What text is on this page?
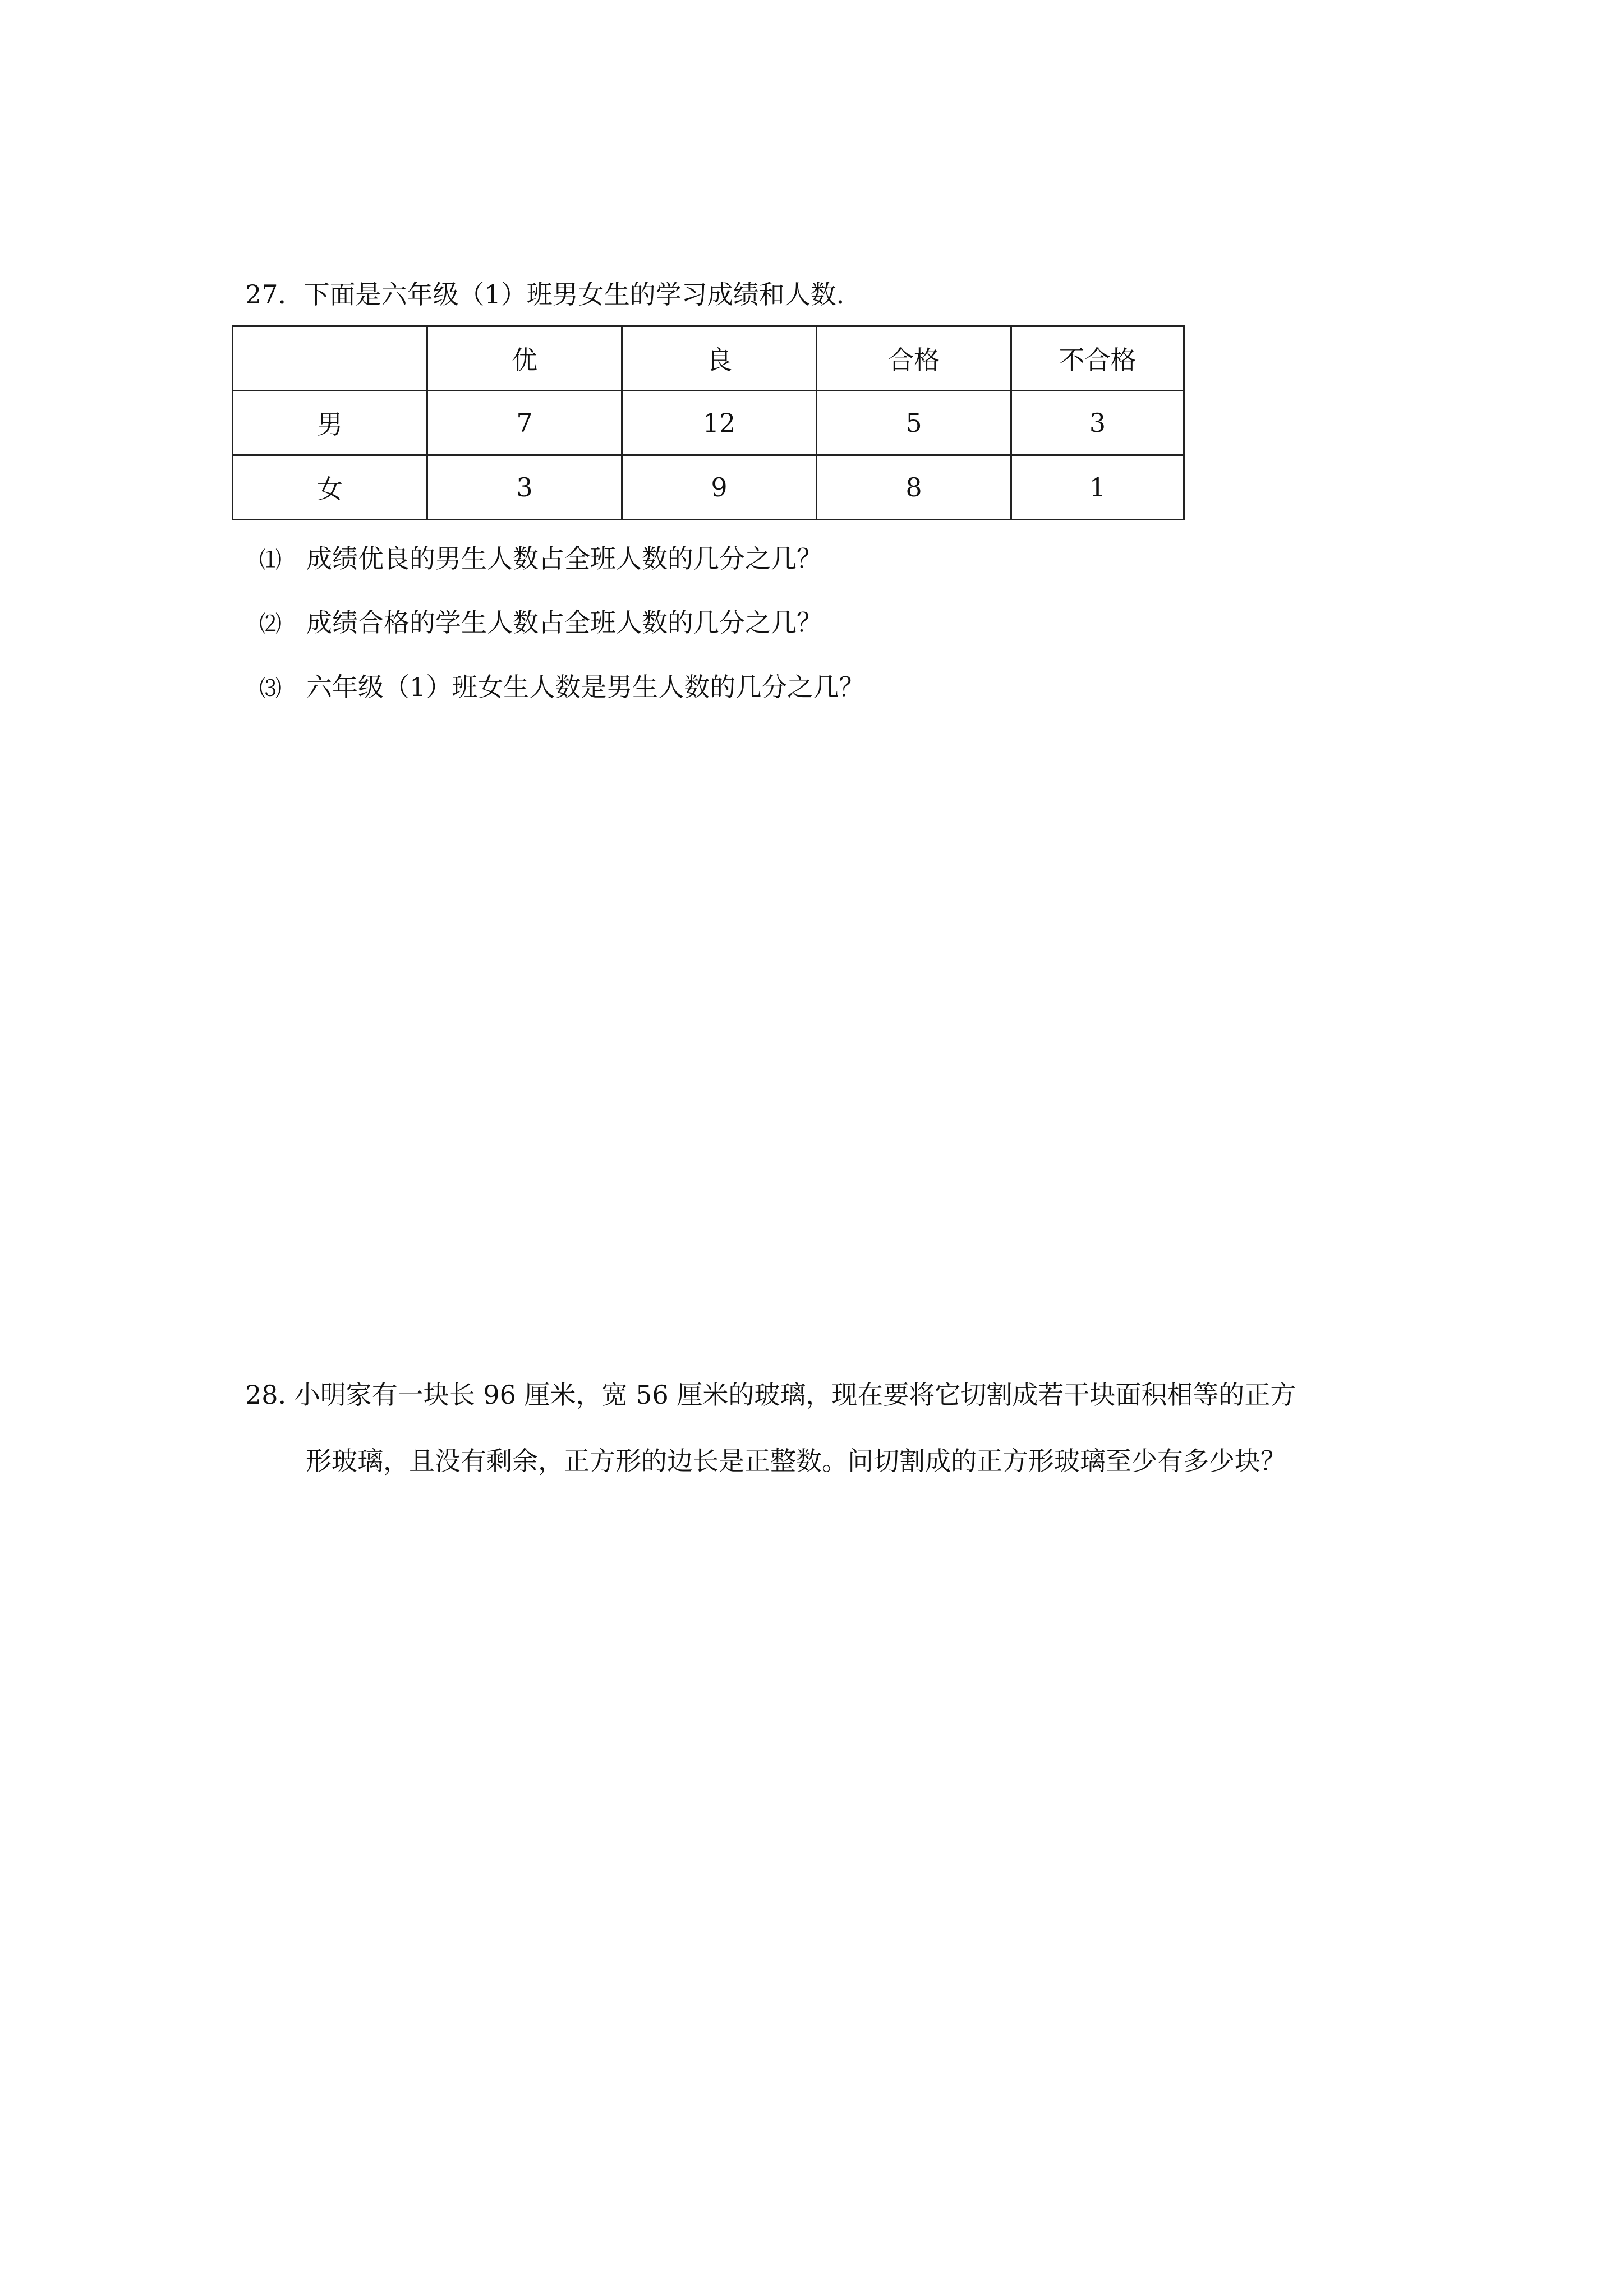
27．下面是六年级（1）班男女生的学习成绩和人数．
	优	良	合格	不合格
男	7	12	5	3
女	3	9	8	1
⑴ 成绩优良的男生人数占全班人数的几分之几？
⑵ 成绩合格的学生人数占全班人数的几分之几？
⑶ 六年级（1）班女生人数是男生人数的几分之几？
28. 小明家有一块长 96 厘米，宽 56 厘米的玻璃，现在要将它切割成若干块面积相等的正方
形玻璃，且没有剩余，正方形的边长是正整数。问切割成的正方形玻璃至少有多少块？
